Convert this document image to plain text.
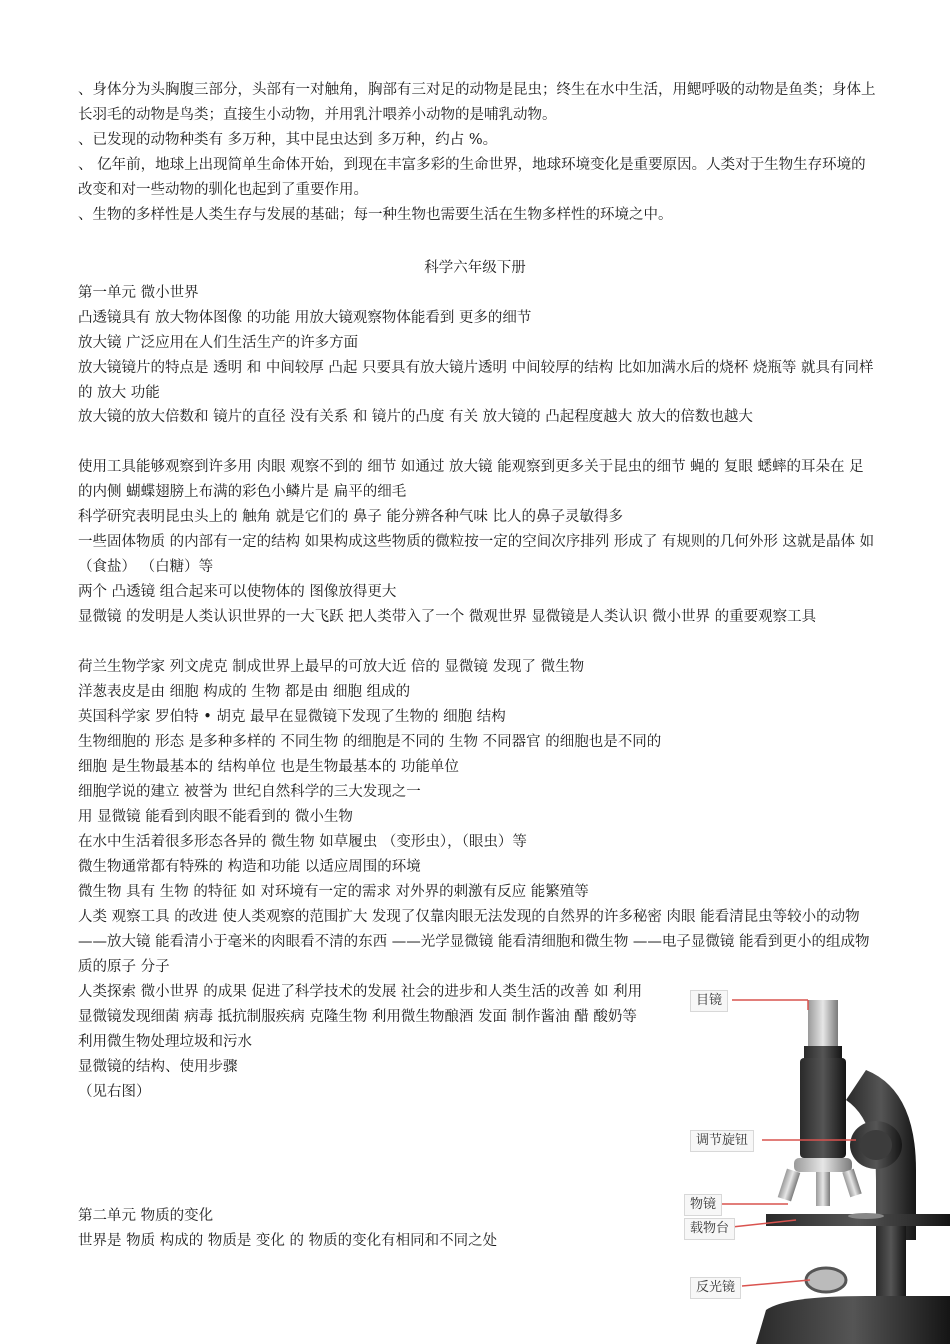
、身体分为头胸腹三部分，头部有一对触角，胸部有三对足的动物是昆虫；终生在水中生活，用鳃呼吸的动物是鱼类；身体上长羽毛的动物是鸟类；直接生小动物，并用乳汁喂养小动物的是哺乳动物。

、已发现的动物种类有 多万种，其中昆虫达到 多万种，约占 %。

、 亿年前，地球上出现简单生命体开始，到现在丰富多彩的生命世界，地球环境变化是重要原因。人类对于生物生存环境的改变和对一些动物的驯化也起到了重要作用。

、生物的多样性是人类生存与发展的基础；每一种生物也需要生活在生物多样性的环境之中。

科学六年级下册
第一单元 微小世界

凸透镜具有 放大物体图像 的功能 用放大镜观察物体能看到 更多的细节

放大镜 广泛应用在人们生活生产的许多方面

放大镜镜片的特点是 透明 和 中间较厚 凸起 只要具有放大镜片透明 中间较厚的结构 比如加满水后的烧杯 烧瓶等 就具有同样的 放大 功能

放大镜的放大倍数和 镜片的直径 没有关系 和 镜片的凸度 有关 放大镜的 凸起程度越大 放大的倍数也越大

使用工具能够观察到许多用 肉眼 观察不到的 细节 如通过 放大镜 能观察到更多关于昆虫的细节 蝇的 复眼 蟋蟀的耳朵在 足的内侧 蝴蝶翅膀上布满的彩色小鳞片是 扁平的细毛

科学研究表明昆虫头上的 触角 就是它们的 鼻子 能分辨各种气味 比人的鼻子灵敏得多

一些固体物质 的内部有一定的结构 如果构成这些物质的微粒按一定的空间次序排列 形成了 有规则的几何外形 这就是晶体 如（食盐） （白糖）等

两个 凸透镜 组合起来可以使物体的 图像放得更大

显微镜 的发明是人类认识世界的一大飞跃 把人类带入了一个 微观世界 显微镜是人类认识 微小世界 的重要观察工具

荷兰生物学家 列文虎克 制成世界上最早的可放大近 倍的 显微镜 发现了 微生物

洋葱表皮是由 细胞 构成的 生物 都是由 细胞 组成的

英国科学家 罗伯特 • 胡克 最早在显微镜下发现了生物的 细胞 结构

生物细胞的 形态 是多种多样的 不同生物 的细胞是不同的 生物 不同器官 的细胞也是不同的

细胞 是生物最基本的 结构单位 也是生物最基本的 功能单位

细胞学说的建立 被誉为 世纪自然科学的三大发现之一

用 显微镜 能看到肉眼不能看到的 微小生物

在水中生活着很多形态各异的 微生物 如草履虫 （变形虫），（眼虫）等

微生物通常都有特殊的 构造和功能 以适应周围的环境

微生物 具有 生物 的特征 如 对环境有一定的需求 对外界的刺激有反应 能繁殖等

人类 观察工具 的改进 使人类观察的范围扩大 发现了仅靠肉眼无法发现的自然界的许多秘密 肉眼 能看清昆虫等较小的动物 ——放大镜 能看清小于毫米的肉眼看不清的东西 ——光学显微镜 能看清细胞和微生物 ——电子显微镜 能看到更小的组成物质的原子 分子

人类探索 微小世界 的成果 促进了科学技术的发展 社会的进步和人类生活的改善 如 利用显微镜发现细菌 病毒 抵抗制服疾病 克隆生物 利用微生物酿酒 发面 制作酱油 醋 酸奶等 利用微生物处理垃圾和污水

显微镜的结构、使用步骤

（见右图）

第二单元 物质的变化

世界是 物质 构成的 物质是 变化 的 物质的变化有相同和不同之处

目镜
调节旋钮
物镜
载物台
反光镜
